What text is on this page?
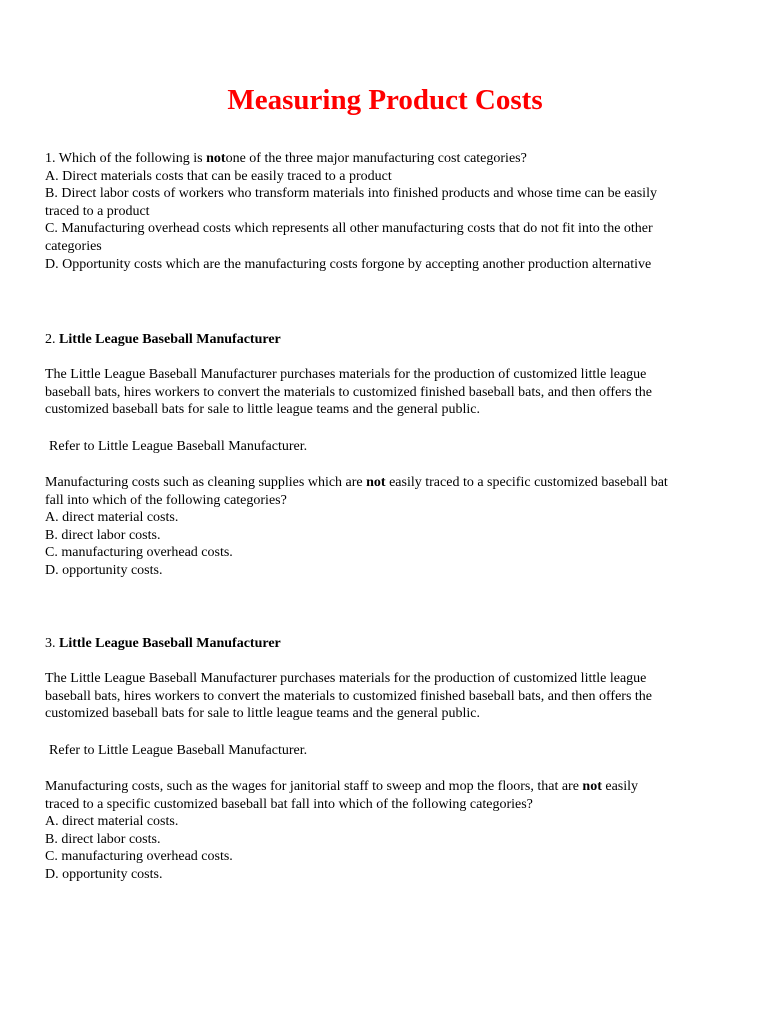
Measuring Product Costs
1. Which of the following is notone of the three major manufacturing cost categories?
A. Direct materials costs that can be easily traced to a product
B. Direct labor costs of workers who transform materials into finished products and whose time can be easily
traced to a product
C. Manufacturing overhead costs which represents all other manufacturing costs that do not fit into the other
categories
D. Opportunity costs which are the manufacturing costs forgone by accepting another production alternative
2. Little League Baseball Manufacturer
The Little League Baseball Manufacturer purchases materials for the production of customized little league
baseball bats, hires workers to convert the materials to customized finished baseball bats, and then offers the
customized baseball bats for sale to little league teams and the general public.
Refer to Little League Baseball Manufacturer.
Manufacturing costs such as cleaning supplies which are not easily traced to a specific customized baseball bat
fall into which of the following categories?
A. direct material costs.
B. direct labor costs.
C. manufacturing overhead costs.
D. opportunity costs.
3. Little League Baseball Manufacturer
The Little League Baseball Manufacturer purchases materials for the production of customized little league
baseball bats, hires workers to convert the materials to customized finished baseball bats, and then offers the
customized baseball bats for sale to little league teams and the general public.
Refer to Little League Baseball Manufacturer.
Manufacturing costs, such as the wages for janitorial staff to sweep and mop the floors, that are not easily
traced to a specific customized baseball bat fall into which of the following categories?
A. direct material costs.
B. direct labor costs.
C. manufacturing overhead costs.
D. opportunity costs.
